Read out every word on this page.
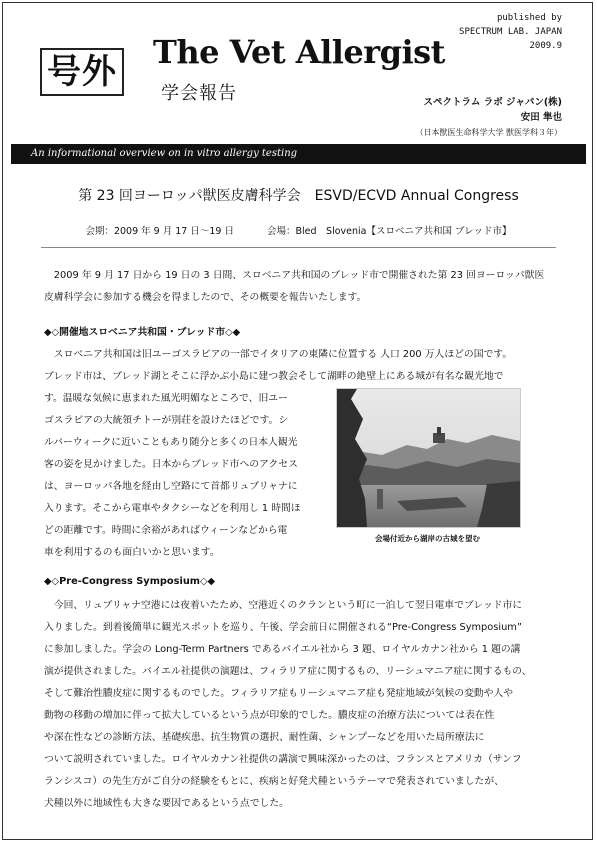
published by
SPECTRUM LAB. JAPAN
2009.9
号外 The Vet Allergist
学会報告	スペクトラム ラボ ジャパン(株)
安田 隼也
（日本獣医生命科学大学 獣医学科３年）
An informational overview on in vitro allergy testing
第 23 回ヨーロッパ獣医皮膚科学会　ESVD/ECVD Annual Congress
会期：2009 年 9 月 17 日～19 日	会場：Bled　Slovenia【スロベニア共和国 ブレッド市】
　2009 年 9 月 17 日から 19 日の 3 日間、スロベニア共和国のブレッド市で開催された第 23 回ヨーロッパ獣医
皮膚科学会に参加する機会を得ましたので、その概要を報告いたします。
◆◇開催地スロベニア共和国・ブレッド市◇◆
　スロベニア共和国は旧ユーゴスラビアの一部でイタリアの東隣に位置する 人口 200 万人ほどの国です。
ブレッド市は、ブレッド湖とそこに浮かぶ小島に建つ教会そして湖畔の絶壁上にある城が有名な観光地で
す。温暖な気候に恵まれた風光明媚なところで、旧ユー
ゴスラビアの大統領チトーが別荘を設けたほどです。シ
ルバーウィークに近いこともあり随分と多くの日本人観光
客の姿を見かけました。日本からブレッド市へのアクセス
は、ヨーロッパ各地を経由し空路にて首都リュブリャナに
入ります。そこから電車やタクシーなどを利用し 1 時間ほ
どの距離です。時間に余裕があればウィーンなどから電
車を利用するのも面白いかと思います。
会場付近から湖岸の古城を望む
◆◇Pre-Congress Symposium◇◆
　今回、リュブリャナ空港には夜着いたため、空港近くのクランという町に一泊して翌日電車でブレッド市に
入りました。到着後簡単に観光スポットを巡り、午後、学会前日に開催される“Pre-Congress Symposium”
に参加しました。学会の Long-Term Partners であるバイエル社から 3 題、ロイヤルカナン社から 1 題の講
演が提供されました。バイエル社提供の演題は、フィラリア症に関するもの、リーシュマニア症に関するもの、
そして難治性膿皮症に関するものでした。フィラリア症もリーシュマニア症も発症地域が気候の変動や人や
動物の移動の増加に伴って拡大しているという点が印象的でした。膿皮症の治療方法については表在性
や深在性などの診断方法、基礎疾患、抗生物質の選択、耐性菌、シャンプーなどを用いた局所療法に
ついて説明されていました。ロイヤルカナン社提供の講演で興味深かったのは、フランスとアメリカ（サンフ
ランシスコ）の先生方がご自分の経験をもとに、疾病と好発犬種というテーマで発表されていましたが、
犬種以外に地域性も大きな要因であるという点でした。
